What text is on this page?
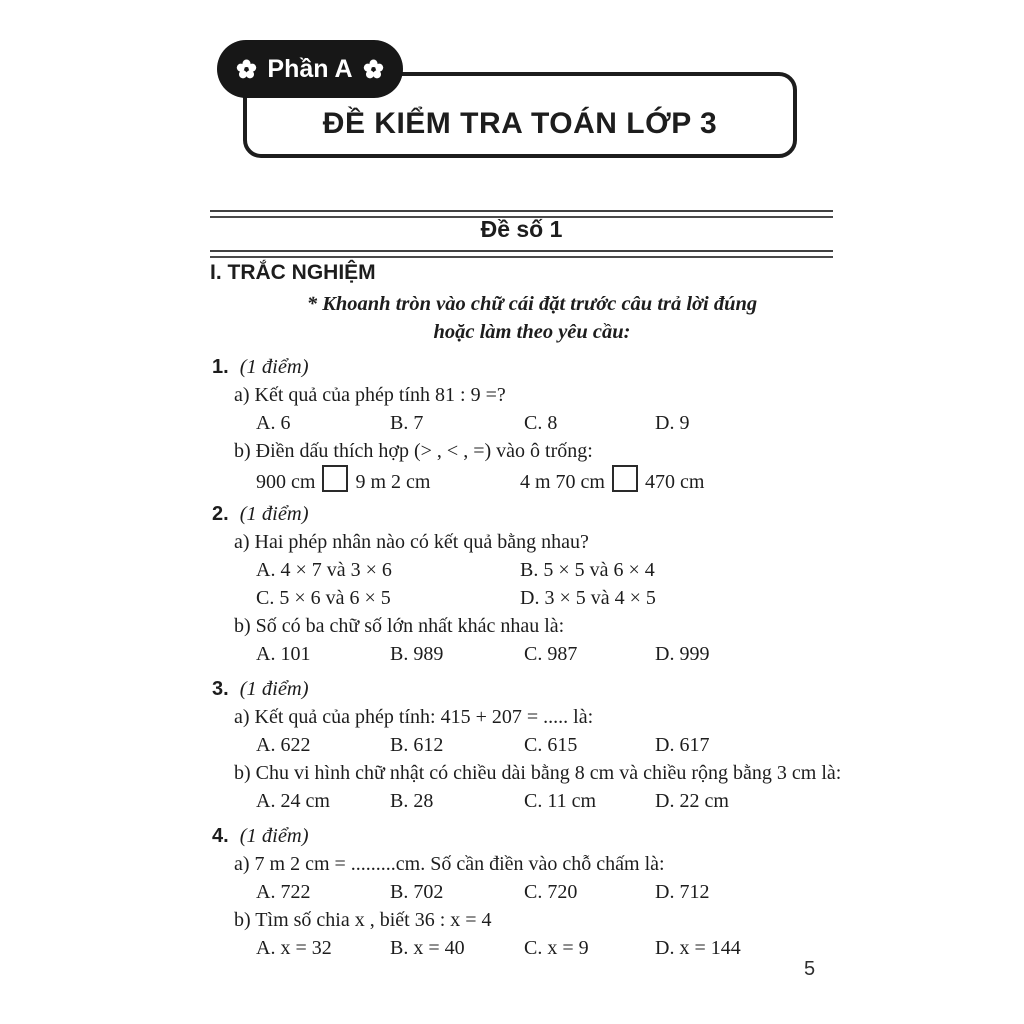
Phần A
ĐỀ KIỂM TRA TOÁN LỚP 3
Đề số 1
I. TRẮC NGHIỆM
* Khoanh tròn vào chữ cái đặt trước câu trả lời đúng
hoặc làm theo yêu cầu:
1. (1 điểm)
a) Kết quả của phép tính 81 : 9 =?
A. 6	B. 7	C. 8	D. 9
b) Điền dấu thích hợp (> , < , =) vào ô trống:
900 cm 9 m 2 cm	4 m 70 cm 470 cm
2. (1 điểm)
a) Hai phép nhân nào có kết quả bằng nhau?
A. 4 × 7 và 3 × 6	B. 5 × 5 và 6 × 4
C. 5 × 6 và 6 × 5	D. 3 × 5 và 4 × 5
b) Số có ba chữ số lớn nhất khác nhau là:
A. 101	B. 989	C. 987	D. 999
3. (1 điểm)
a) Kết quả của phép tính: 415 + 207 = ..... là:
A. 622	B. 612	C. 615	D. 617
b) Chu vi hình chữ nhật có chiều dài bằng 8 cm và chiều rộng bằng 3 cm là:
A. 24 cm	B. 28	C. 11 cm	D. 22 cm
4. (1 điểm)
a) 7 m 2 cm = .........cm. Số cần điền vào chỗ chấm là:
A. 722	B. 702	C. 720	D. 712
b) Tìm số chia x , biết 36 : x = 4
A. x = 32	B. x = 40	C. x = 9	D. x = 144
5
